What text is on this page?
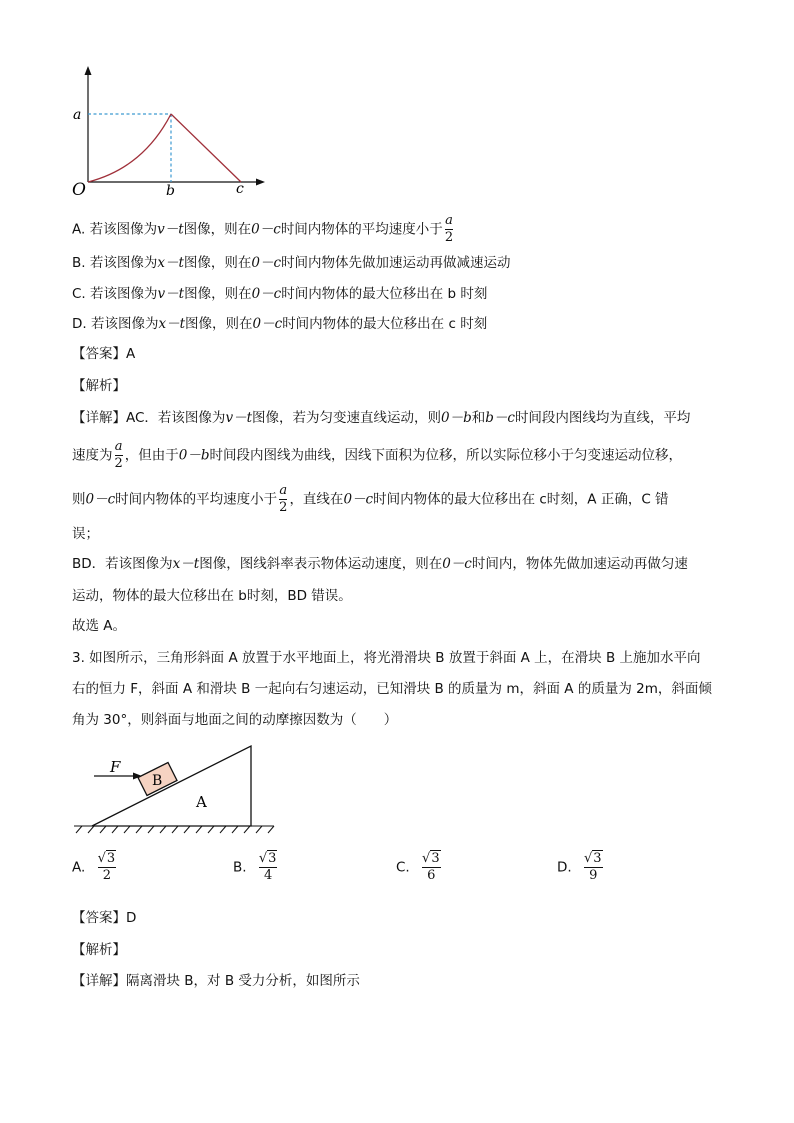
a
O	b	c
A. 若该图像为v－t图像，则在0－c时间内物体的平均速度小于 $\frac{a}{2}$
B. 若该图像为x－t图像，则在0－c时间内物体先做加速运动再做减速运动
C. 若该图像为v－t图像，则在0－c时间内物体的最大位移出在 b 时刻
D. 若该图像为x－t图像，则在0－c时间内物体的最大位移出在 c 时刻
【答案】A
【解析】
【详解】AC．若该图像为v－t图像，若为匀变速直线运动，则0－b和b－c时间段内图线均为直线，平均
速度为 $\frac{a}{2}$ ，但由于0－b时间段内图线为曲线，因线下面积为位移，所以实际位移小于匀变速运动位移，
则0－c时间内物体的平均速度小于 $\frac{a}{2}$ ，直线在0－c时间内物体的最大位移出在 c时刻，A 正确，C 错
误；
BD．若该图像为x－t图像，图线斜率表示物体运动速度，则在0－c时间内，物体先做加速运动再做匀速
运动，物体的最大位移出在 b时刻，BD 错误。
故选 A。
3. 如图所示，三角形斜面 A 放置于水平地面上，将光滑滑块 B 放置于斜面 A 上，在滑块 B 上施加水平向
右的恒力 F，斜面 A 和滑块 B 一起向右匀速运动，已知滑块 B 的质量为 m，斜面 A 的质量为 2m，斜面倾
角为 30°，则斜面与地面之间的动摩擦因数为（　　）
F
B
A
A. $\frac{√3}{2}$	B. $\frac{√3}{4}$	C. $\frac{√3}{6}$	D. $\frac{√3}{9}$
【答案】D
【解析】
【详解】隔离滑块 B，对 B 受力分析，如图所示
